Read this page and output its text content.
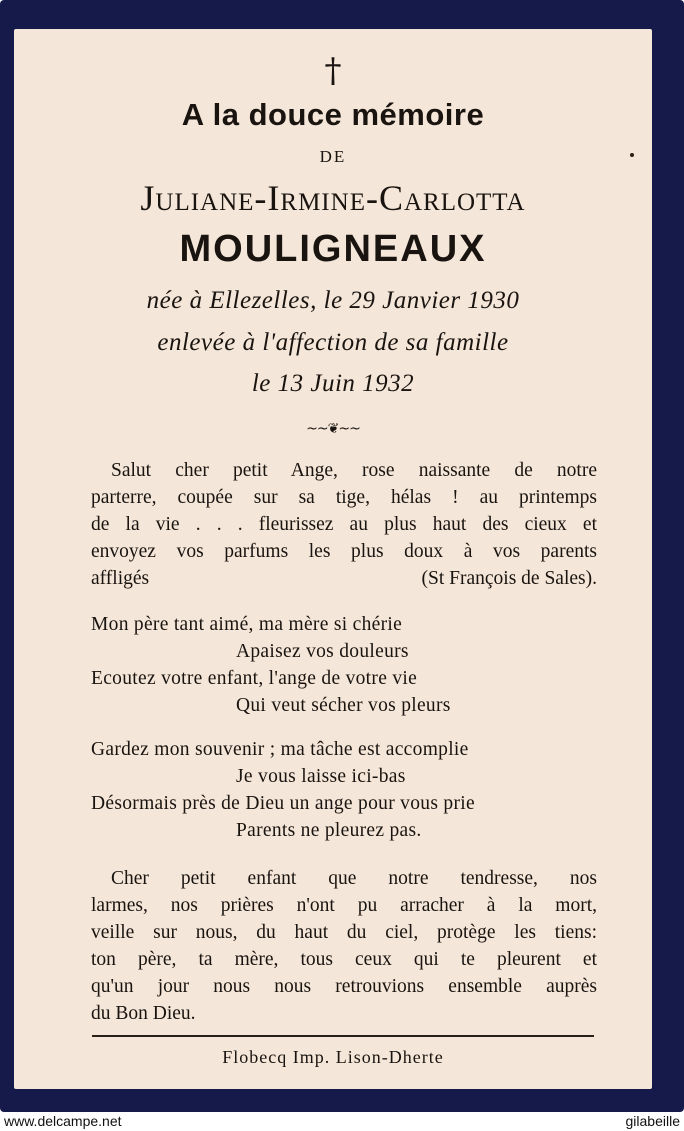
†
A la douce mémoire
DE
Juliane-Irmine-Carlotta
MOULIGNEAUX
née à Ellezelles, le 29 Janvier 1930
enlevée à l'affection de sa famille
le 13 Juin 1932
~~❦~~
Salut cher petit Ange, rose naissante de notre
parterre, coupée sur sa tige, hélas ! au printemps
de la vie . . . fleurissez au plus haut des cieux et
envoyez vos parfums les plus doux à vos parents
affligés	(St François de Sales).
Mon père tant aimé, ma mère si chérie
Apaisez vos douleurs
Ecoutez votre enfant, l'ange de votre vie
Qui veut sécher vos pleurs
Gardez mon souvenir ; ma tâche est accomplie
Je vous laisse ici-bas
Désormais près de Dieu un ange pour vous prie
Parents ne pleurez pas.
Cher petit enfant que notre tendresse, nos
larmes, nos prières n'ont pu arracher à la mort,
veille sur nous, du haut du ciel, protège les tiens:
ton père, ta mère, tous ceux qui te pleurent et
qu'un jour nous nous retrouvions ensemble auprès
du Bon Dieu.
Flobecq Imp. Lison-Dherte
www.delcampe.net	gilabeille
